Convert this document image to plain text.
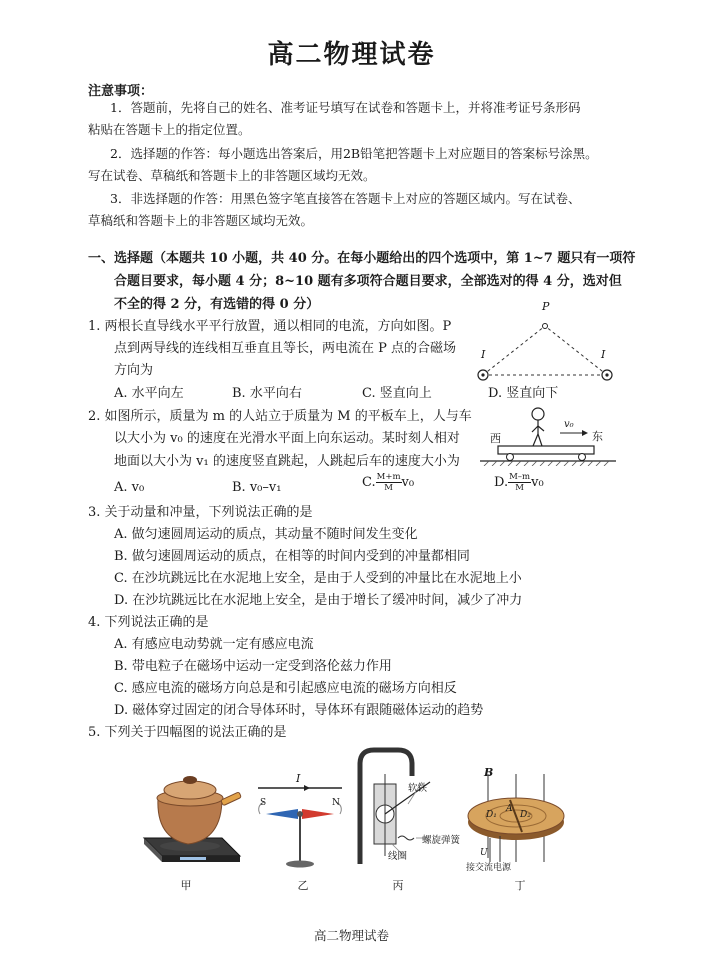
高二物理试卷
注意事项：
1．答题前，先将自己的姓名、准考证号填写在试卷和答题卡上，并将准考证号条形码
粘贴在答题卡上的指定位置。
2．选择题的作答：每小题选出答案后，用2B铅笔把答题卡上对应题目的答案标号涂黑。
写在试卷、草稿纸和答题卡上的非答题区域均无效。
3．非选择题的作答：用黑色签字笔直接答在答题卡上对应的答题区域内。写在试卷、
草稿纸和答题卡上的非答题区域均无效。
一、选择题（本题共 10 小题，共 40 分。在每小题给出的四个选项中，第 1~7 题只有一项符
合题目要求，每小题 4 分；8~10 题有多项符合题目要求，全部选对的得 4 分，选对但
不全的得 2 分，有选错的得 0 分）
1. 两根长直导线水平平行放置，通以相同的电流，方向如图。P
点到两导线的连线相互垂直且等长，两电流在 P 点的合磁场
方向为
A. 水平向左	B. 水平向右	C. 竖直向上	D. 竖直向下
P
I	I
2. 如图所示，质量为 m 的人站立于质量为 M 的平板车上，人与车
以大小为 v₀ 的速度在光滑水平面上向东运动。某时刻人相对
地面以大小为 v₁ 的速度竖直跳起，人跳起后车的速度大小为
A. v₀	B. v₀–v₁	C. $\frac{M+m}{M} v_0$	D. $\frac{M-m}{M} v_0$
西	东
v₀
3. 关于动量和冲量，下列说法正确的是
A. 做匀速圆周运动的质点，其动量不随时间发生变化
B. 做匀速圆周运动的质点，在相等的时间内受到的冲量都相同
C. 在沙坑跳远比在水泥地上安全，是由于人受到的冲量比在水泥地上小
D. 在沙坑跳远比在水泥地上安全，是由于增长了缓冲时间，减少了冲力
4. 下列说法正确的是
A. 有感应电动势就一定有感应电流
B. 带电粒子在磁场中运动一定受到洛伦兹力作用
C. 感应电流的磁场方向总是和引起感应电流的磁场方向相反
D. 磁体穿过固定的闭合导体环时，导体环有跟随磁体运动的趋势
5. 下列关于四幅图的说法正确的是
甲
I
S	N
乙
软铁
螺旋弹簧
线圈
丙
B
A
D₁	D₂
U
接交流电源
丁
高二物理试卷
